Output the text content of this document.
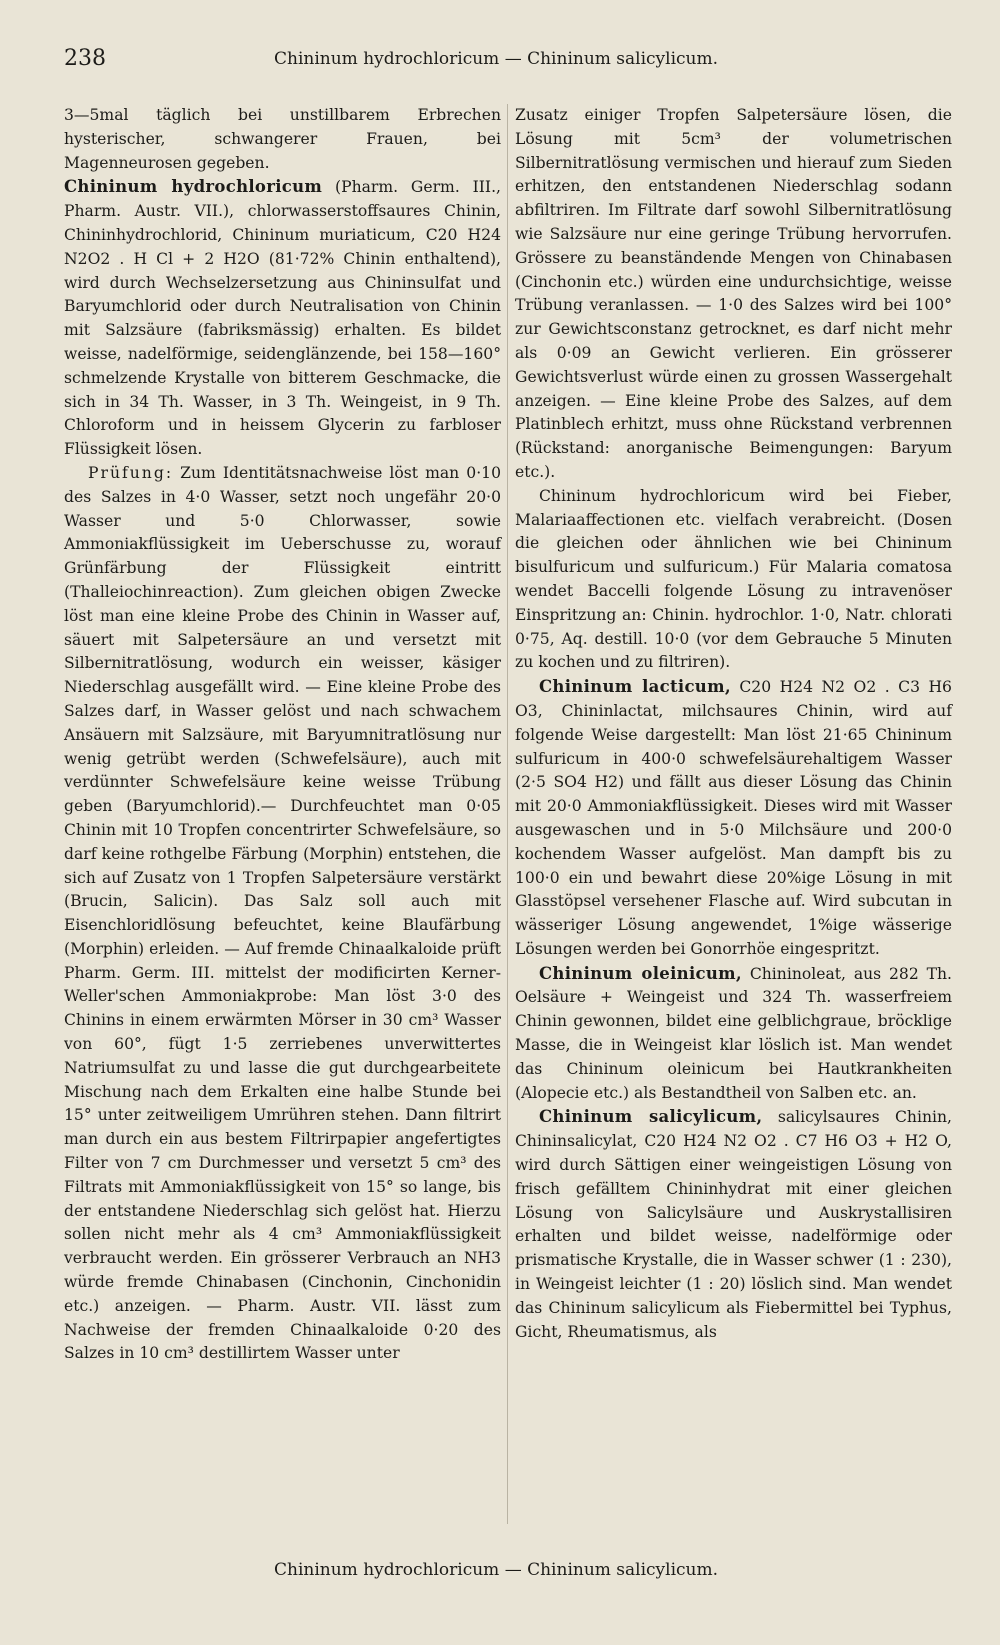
238	Chininum hydrochloricum — Chininum salicylicum.

3—5mal täglich bei unstillbarem Erbrechen hysterischer, schwangerer Frauen, bei Magenneurosen gegeben.

Chininum hydrochloricum (Pharm. Germ. III., Pharm. Austr. VII.), chlorwasserstoffsaures Chinin, Chininhydrochlorid, Chininum muriaticum, C20 H24 N2O2 . H Cl + 2 H2O (81·72% Chinin enthaltend), wird durch Wechselzersetzung aus Chininsulfat und Baryumchlorid oder durch Neutralisation von Chinin mit Salzsäure (fabriksmässig) erhalten. Es bildet weisse, nadelförmige, seidenglänzende, bei 158—160° schmelzende Krystalle von bitterem Geschmacke, die sich in 34 Th. Wasser, in 3 Th. Weingeist, in 9 Th. Chloroform und in heissem Glycerin zu farbloser Flüssigkeit lösen.

Prüfung: Zum Identitätsnachweise löst man 0·10 des Salzes in 4·0 Wasser, setzt noch ungefähr 20·0 Wasser und 5·0 Chlorwasser, sowie Ammoniakflüssigkeit im Ueberschusse zu, worauf Grünfärbung der Flüssigkeit eintritt (Thalleiochinreaction). Zum gleichen obigen Zwecke löst man eine kleine Probe des Chinin in Wasser auf, säuert mit Salpetersäure an und versetzt mit Silbernitratlösung, wodurch ein weisser, käsiger Niederschlag ausgefällt wird. — Eine kleine Probe des Salzes darf, in Wasser gelöst und nach schwachem Ansäuern mit Salzsäure, mit Baryumnitratlösung nur wenig getrübt werden (Schwefelsäure), auch mit verdünnter Schwefelsäure keine weisse Trübung geben (Baryumchlorid).— Durchfeuchtet man 0·05 Chinin mit 10 Tropfen concentrirter Schwefelsäure, so darf keine rothgelbe Färbung (Morphin) entstehen, die sich auf Zusatz von 1 Tropfen Salpetersäure verstärkt (Brucin, Salicin). Das Salz soll auch mit Eisenchloridlösung befeuchtet, keine Blaufärbung (Morphin) erleiden. — Auf fremde Chinaalkaloide prüft Pharm. Germ. III. mittelst der modificirten Kerner-Weller'schen Ammoniakprobe: Man löst 3·0 des Chinins in einem erwärmten Mörser in 30 cm³ Wasser von 60°, fügt 1·5 zerriebenes unverwittertes Natriumsulfat zu und lasse die gut durchgearbeitete Mischung nach dem Erkalten eine halbe Stunde bei 15° unter zeitweiligem Umrühren stehen. Dann filtrirt man durch ein aus bestem Filtrirpapier angefertigtes Filter von 7 cm Durchmesser und versetzt 5 cm³ des Filtrats mit Ammoniakflüssigkeit von 15° so lange, bis der entstandene Niederschlag sich gelöst hat. Hierzu sollen nicht mehr als 4 cm³ Ammoniakflüssigkeit verbraucht werden. Ein grösserer Verbrauch an NH3 würde fremde Chinabasen (Cinchonin, Cinchonidin etc.) anzeigen. — Pharm. Austr. VII. lässt zum Nachweise der fremden Chinaalkaloide 0·20 des Salzes in 10 cm³ destillirtem Wasser unter

Zusatz einiger Tropfen Salpetersäure lösen, die Lösung mit 5cm³ der volumetrischen Silbernitratlösung vermischen und hierauf zum Sieden erhitzen, den entstandenen Niederschlag sodann abfiltriren. Im Filtrate darf sowohl Silbernitratlösung wie Salzsäure nur eine geringe Trübung hervorrufen. Grössere zu beanständende Mengen von Chinabasen (Cinchonin etc.) würden eine undurchsichtige, weisse Trübung veranlassen. — 1·0 des Salzes wird bei 100° zur Gewichtsconstanz getrocknet, es darf nicht mehr als 0·09 an Gewicht verlieren. Ein grösserer Gewichtsverlust würde einen zu grossen Wassergehalt anzeigen. — Eine kleine Probe des Salzes, auf dem Platinblech erhitzt, muss ohne Rückstand verbrennen (Rückstand: anorganische Beimengungen: Baryum etc.).

Chininum hydrochloricum wird bei Fieber, Malariaaffectionen etc. vielfach verabreicht. (Dosen die gleichen oder ähnlichen wie bei Chininum bisulfuricum und sulfuricum.) Für Malaria comatosa wendet Baccelli folgende Lösung zu intravenöser Einspritzung an: Chinin. hydrochlor. 1·0, Natr. chlorati 0·75, Aq. destill. 10·0 (vor dem Gebrauche 5 Minuten zu kochen und zu filtriren).

Chininum lacticum, C20 H24 N2 O2 . C3 H6 O3, Chininlactat, milchsaures Chinin, wird auf folgende Weise dargestellt: Man löst 21·65 Chininum sulfuricum in 400·0 schwefelsäurehaltigem Wasser (2·5 SO4 H2) und fällt aus dieser Lösung das Chinin mit 20·0 Ammoniakflüssigkeit. Dieses wird mit Wasser ausgewaschen und in 5·0 Milchsäure und 200·0 kochendem Wasser aufgelöst. Man dampft bis zu 100·0 ein und bewahrt diese 20%ige Lösung in mit Glasstöpsel versehener Flasche auf. Wird subcutan in wässeriger Lösung angewendet, 1%ige wässerige Lösungen werden bei Gonorrhöe eingespritzt.

Chininum oleinicum, Chininoleat, aus 282 Th. Oelsäure + Weingeist und 324 Th. wasserfreiem Chinin gewonnen, bildet eine gelblichgraue, bröcklige Masse, die in Weingeist klar löslich ist. Man wendet das Chininum oleinicum bei Hautkrankheiten (Alopecie etc.) als Bestandtheil von Salben etc. an.

Chininum salicylicum, salicylsaures Chinin, Chininsalicylat, C20 H24 N2 O2 . C7 H6 O3 + H2 O, wird durch Sättigen einer weingeistigen Lösung von frisch gefälltem Chininhydrat mit einer gleichen Lösung von Salicylsäure und Auskrystallisiren erhalten und bildet weisse, nadelförmige oder prismatische Krystalle, die in Wasser schwer (1 : 230), in Weingeist leichter (1 : 20) löslich sind. Man wendet das Chininum salicylicum als Fiebermittel bei Typhus, Gicht, Rheumatismus, als

Chininum hydrochloricum — Chininum salicylicum.
